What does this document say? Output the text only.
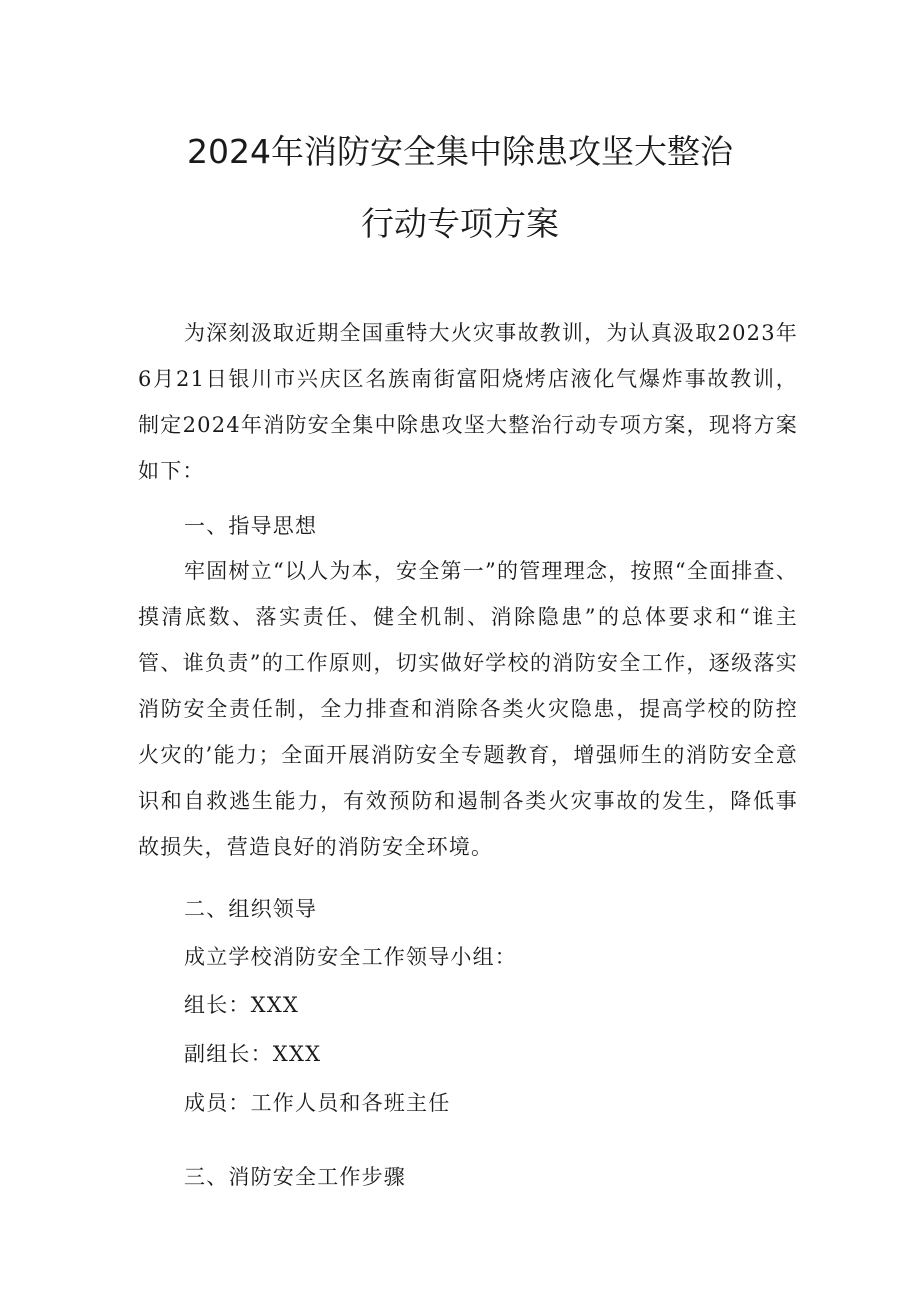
2024年消防安全集中除患攻坚大整治
行动专项方案

为深刻汲取近期全国重特大火灾事故教训，为认真汲取2023年6月21日银川市兴庆区名族南街富阳烧烤店液化气爆炸事故教训，制定2024年消防安全集中除患攻坚大整治行动专项方案，现将方案如下：

一、指导思想

牢固树立“以人为本，安全第一”的管理理念，按照“全面排查、摸清底数、落实责任、健全机制、消除隐患”的总体要求和“谁主管、谁负责”的工作原则，切实做好学校的消防安全工作，逐级落实消防安全责任制，全力排查和消除各类火灾隐患，提高学校的防控火灾的’能力；全面开展消防安全专题教育，增强师生的消防安全意识和自救逃生能力，有效预防和遏制各类火灾事故的发生，降低事故损失，营造良好的消防安全环境。

二、组织领导

成立学校消防安全工作领导小组：

组长：XXX

副组长：XXX

成员：工作人员和各班主任

三、消防安全工作步骤
